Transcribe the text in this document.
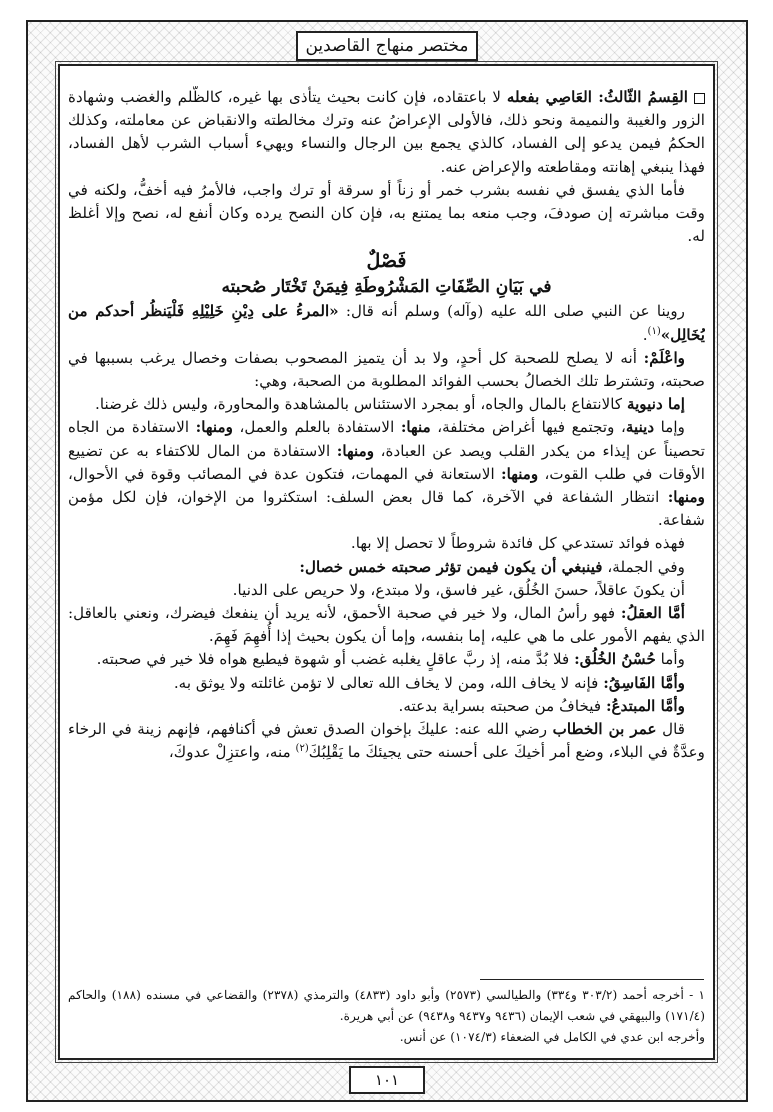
مختصر منهاج القاصدين

القِسمُ الثّالثُ: العَاصِي بفعله لا باعتقاده، فإن كانت بحيث يتأذى بها غيره، كالظُّلم والغضب وشهادة الزور والغيبة والنميمة ونحو ذلك، فالأولى الإعراضُ عنه وترك مخالطته والانقباض عن معاملته، وكذلك الحكمُ فيمن يدعو إلى الفساد، كالذي يجمع بين الرجال والنساء ويهيء أسباب الشرب لأهل الفساد، فهذا ينبغي إهانته ومقاطعته والإعراض عنه.

فأما الذي يفسق في نفسه بشرب خمر أو زناً أو سرقة أو ترك واجب، فالأمرُ فيه أخفُّ، ولكنه في وقت مباشرته إن صودفَ، وجب منعه بما يمتنع به، فإن كان النصح يرده وكان أنفع له، نصح وإلا أغلظ له.

فَصْلٌ

في بَيَانِ الصِّفَاتِ المَشْرُوطَةِ فِيمَنْ تَخْتَار صُحبته

روينا عن النبي صلى الله عليه (وآله) وسلم أنه قال: «المرءُ على دِيْنِ خَلِيْلِهِ فَلْيَنظُر أحدكم من يُخَالِل»$^{(١)}$.

واعْلَمْ: أنه لا يصلح للصحبة كل أحدٍ، ولا بد أن يتميز المصحوب بصفات وخصال يرغب بسببها في صحبته، وتشترط تلك الخصالُ بحسب الفوائد المطلوبة من الصحبة، وهي:

إما دنيوية كالانتفاع بالمال والجاه، أو بمجرد الاستئناس بالمشاهدة والمحاورة، وليس ذلك غرضنا.

وإما دينية، وتجتمع فيها أغراض مختلفة، منها: الاستفادة بالعلم والعمل، ومنها: الاستفادة من الجاه تحصيناً عن إيذاء من يكدر القلب ويصد عن العبادة، ومنها: الاستفادة من المال للاكتفاء به عن تضييع الأوقات في طلب القوت، ومنها: الاستعانة في المهمات، فتكون عدة في المصائب وقوة في الأحوال، ومنها: انتظار الشفاعة في الآخرة، كما قال بعض السلف: استكثروا من الإخوان، فإن لكل مؤمن شفاعة.

فهذه فوائد تستدعي كل فائدة شروطاً لا تحصل إلا بها.

وفي الجملة، فينبغي أن يكون فيمن تؤثر صحبته خمس خصال:

أن يكونَ عاقلاً، حسنَ الخُلُق، غير فاسق، ولا مبتدع، ولا حريص على الدنيا.

أمَّا العقلُ: فهو رأسُ المال، ولا خير في صحبة الأحمق، لأنه يريد أن ينفعك فيضرك، ونعني بالعاقل: الذي يفهم الأمور على ما هي عليه، إما بنفسه، وإما أن يكون بحيث إذا أُفهِمَ فَهِمَ.

وأما حُسْنُ الخُلُق: فلا بُدَّ منه، إذ ربَّ عاقلٍ يغلبه غضب أو شهوة فيطيع هواه فلا خير في صحبته.

وأمَّا الفَاسِقُ: فإنه لا يخاف الله، ومن لا يخاف الله تعالى لا تؤمن غائلته ولا يوثق به.

وأمَّا المبتدعُ: فيخافُ من صحبته بسراية بدعته.

قال عمر بن الخطاب رضي الله عنه: عليكَ بإخوان الصدق تعش في أكنافهم، فإنهم زينة في الرخاء وعدَّةٌ في البلاء، وضع أمر أخيكَ على أحسنه حتى يجيئكَ ما يَقْلِبُكَ$^{(٢)}$ منه، واعتزِلْ عدوكَ،

١ - أخرجه أحمد (٣٠٣/٢ و٣٣٤) والطيالسي (٢٥٧٣) وأبو داود (٤٨٣٣) والترمذي (٢٣٧٨) والقضاعي في مسنده (١٨٨) والحاكم (١٧١/٤) والبيهقي في شعب الإيمان (٩٤٣٦ و٩٤٣٧ و٩٤٣٨) عن أبي هريرة.

وأخرجه ابن عدي في الكامل في الضعفاء (١٠٧٤/٣) عن أنس.

١٠١
